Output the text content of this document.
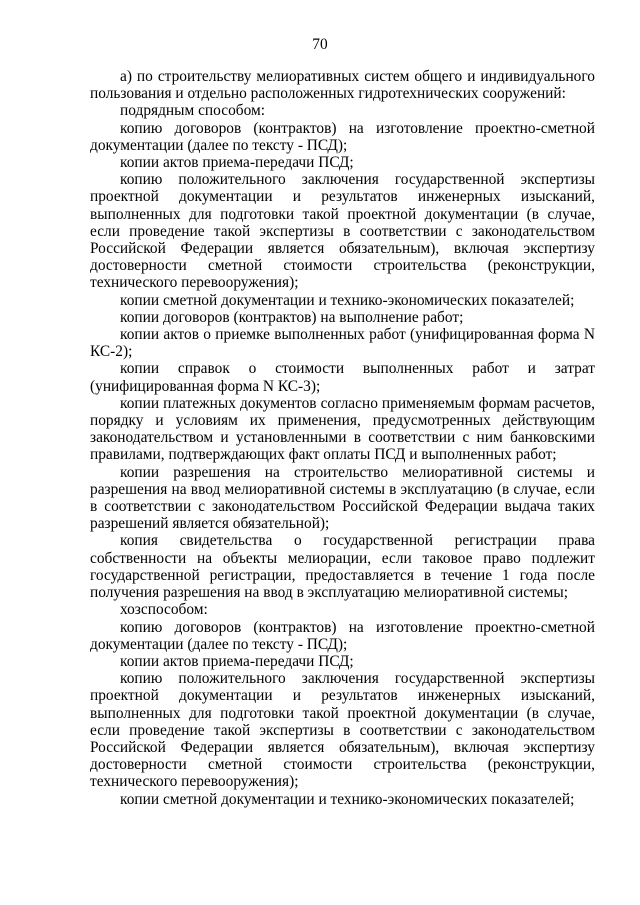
70

а) по строительству мелиоративных систем общего и индивидуального пользования и отдельно расположенных гидротехнических сооружений:

подрядным способом:

копию договоров (контрактов) на изготовление проектно-сметной документации (далее по тексту - ПСД);

копии актов приема-передачи ПСД;

копию положительного заключения государственной экспертизы проектной документации и результатов инженерных изысканий, выполненных для подготовки такой проектной документации (в случае, если проведение такой экспертизы в соответствии с законодательством Российской Федерации является обязательным), включая экспертизу достоверности сметной стоимости строительства (реконструкции, технического перевооружения);

копии сметной документации и технико-экономических показателей;

копии договоров (контрактов) на выполнение работ;

копии актов о приемке выполненных работ (унифицированная форма N КС-2);

копии справок о стоимости выполненных работ и затрат (унифицированная форма N КС-3);

копии платежных документов согласно применяемым формам расчетов, порядку и условиям их применения, предусмотренных действующим законодательством и установленными в соответствии с ним банковскими правилами, подтверждающих факт оплаты ПСД и выполненных работ;

копии разрешения на строительство мелиоративной системы и разрешения на ввод мелиоративной системы в эксплуатацию (в случае, если в соответствии с законодательством Российской Федерации выдача таких разрешений является обязательной);

копия свидетельства о государственной регистрации права собственности на объекты мелиорации, если таковое право подлежит государственной регистрации, предоставляется в течение 1 года после получения разрешения на ввод в эксплуатацию мелиоративной системы;

хозспособом:

копию договоров (контрактов) на изготовление проектно-сметной документации (далее по тексту - ПСД);

копии актов приема-передачи ПСД;

копию положительного заключения государственной экспертизы проектной документации и результатов инженерных изысканий, выполненных для подготовки такой проектной документации (в случае, если проведение такой экспертизы в соответствии с законодательством Российской Федерации является обязательным), включая экспертизу достоверности сметной стоимости строительства (реконструкции, технического перевооружения);

копии сметной документации и технико-экономических показателей;
